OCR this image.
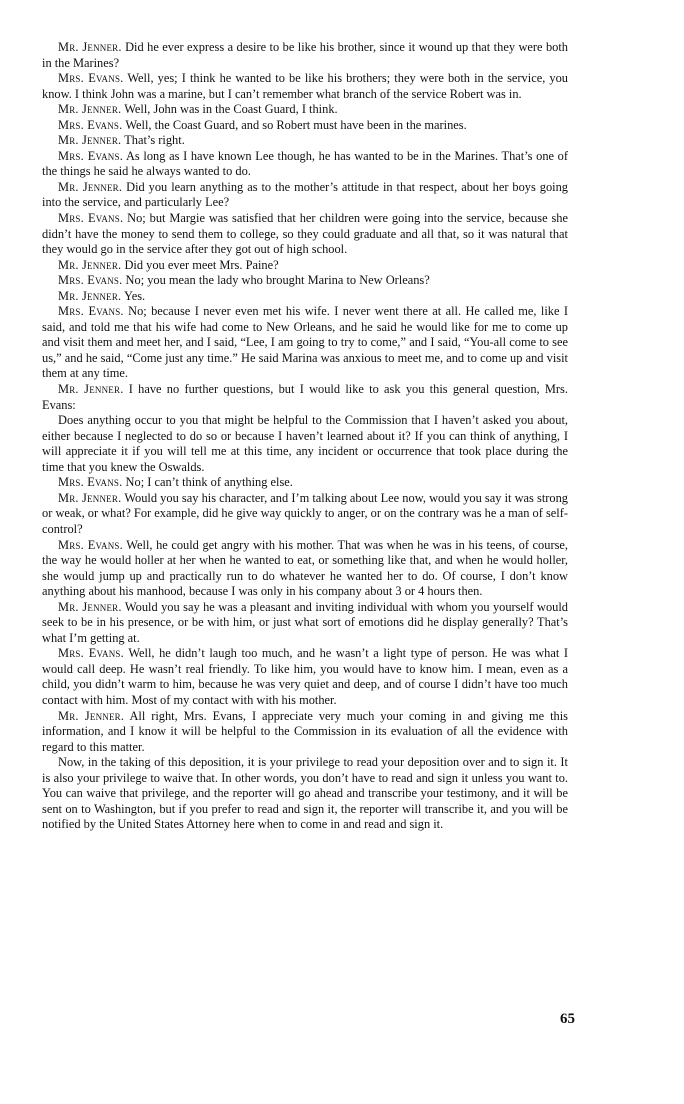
Mr. Jenner. Did he ever express a desire to be like his brother, since it wound up that they were both in the Marines?

Mrs. Evans. Well, yes; I think he wanted to be like his brothers; they were both in the service, you know. I think John was a marine, but I can’t remember what branch of the service Robert was in.

Mr. Jenner. Well, John was in the Coast Guard, I think.

Mrs. Evans. Well, the Coast Guard, and so Robert must have been in the marines.

Mr. Jenner. That’s right.

Mrs. Evans. As long as I have known Lee though, he has wanted to be in the Marines. That’s one of the things he said he always wanted to do.

Mr. Jenner. Did you learn anything as to the mother’s attitude in that respect, about her boys going into the service, and particularly Lee?

Mrs. Evans. No; but Margie was satisfied that her children were going into the service, because she didn’t have the money to send them to college, so they could graduate and all that, so it was natural that they would go in the service after they got out of high school.

Mr. Jenner. Did you ever meet Mrs. Paine?

Mrs. Evans. No; you mean the lady who brought Marina to New Orleans?

Mr. Jenner. Yes.

Mrs. Evans. No; because I never even met his wife. I never went there at all. He called me, like I said, and told me that his wife had come to New Orleans, and he said he would like for me to come up and visit them and meet her, and I said, “Lee, I am going to try to come,” and I said, “You-all come to see us,” and he said, “Come just any time.” He said Marina was anxious to meet me, and to come up and visit them at any time.

Mr. Jenner. I have no further questions, but I would like to ask you this general question, Mrs. Evans:

Does anything occur to you that might be helpful to the Commission that I haven’t asked you about, either because I neglected to do so or because I haven’t learned about it? If you can think of anything, I will appreciate it if you will tell me at this time, any incident or occurrence that took place during the time that you knew the Oswalds.

Mrs. Evans. No; I can’t think of anything else.

Mr. Jenner. Would you say his character, and I’m talking about Lee now, would you say it was strong or weak, or what? For example, did he give way quickly to anger, or on the contrary was he a man of self-control?

Mrs. Evans. Well, he could get angry with his mother. That was when he was in his teens, of course, the way he would holler at her when he wanted to eat, or something like that, and when he would holler, she would jump up and practically run to do whatever he wanted her to do. Of course, I don’t know anything about his manhood, because I was only in his company about 3 or 4 hours then.

Mr. Jenner. Would you say he was a pleasant and inviting individual with whom you yourself would seek to be in his presence, or be with him, or just what sort of emotions did he display generally? That’s what I’m getting at.

Mrs. Evans. Well, he didn’t laugh too much, and he wasn’t a light type of person. He was what I would call deep. He wasn’t real friendly. To like him, you would have to know him. I mean, even as a child, you didn’t warm to him, because he was very quiet and deep, and of course I didn’t have too much contact with him. Most of my contact with with his mother.

Mr. Jenner. All right, Mrs. Evans, I appreciate very much your coming in and giving me this information, and I know it will be helpful to the Commission in its evaluation of all the evidence with regard to this matter.

Now, in the taking of this deposition, it is your privilege to read your deposition over and to sign it. It is also your privilege to waive that. In other words, you don’t have to read and sign it unless you want to. You can waive that privilege, and the reporter will go ahead and transcribe your testimony, and it will be sent on to Washington, but if you prefer to read and sign it, the reporter will transcribe it, and you will be notified by the United States Attorney here when to come in and read and sign it.

65
